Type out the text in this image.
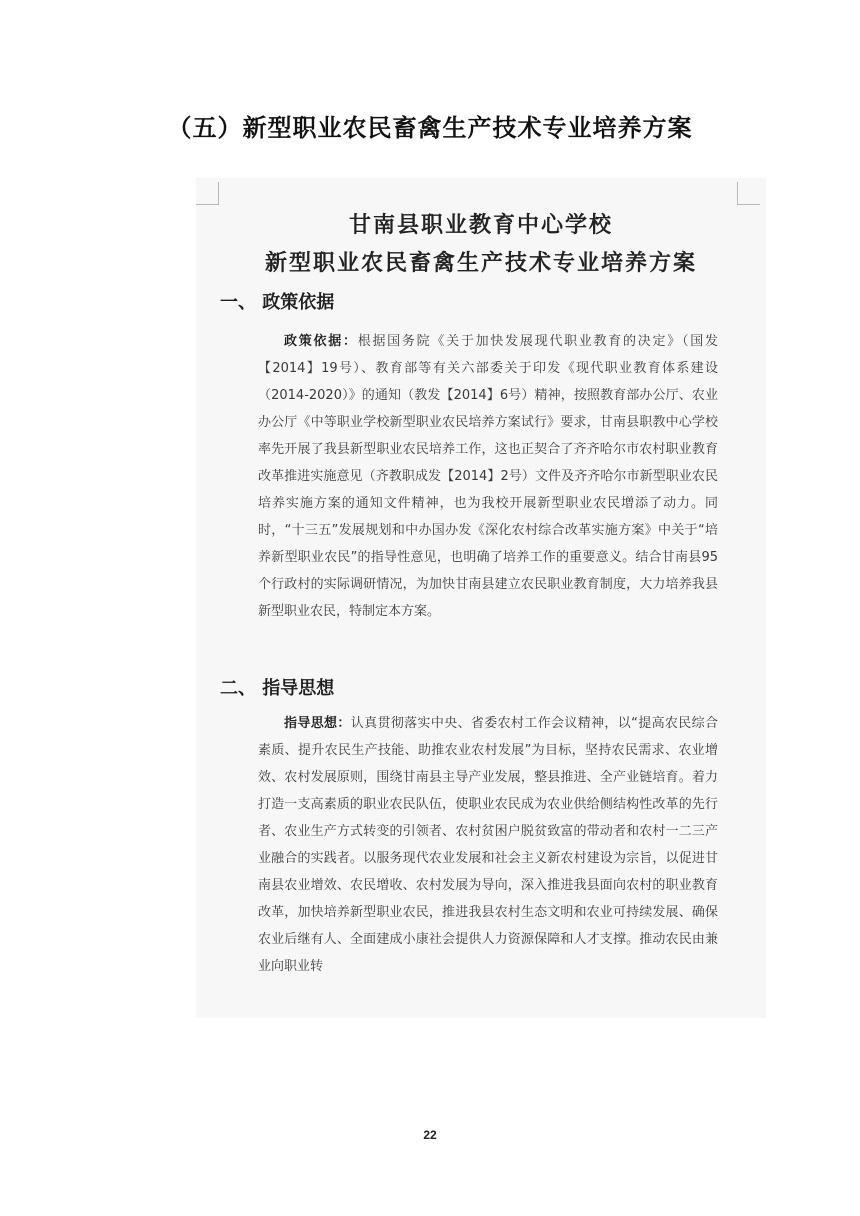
（五）新型职业农民畜禽生产技术专业培养方案
甘南县职业教育中心学校
新型职业农民畜禽生产技术专业培养方案
一、 政策依据
政策依据：根据国务院《关于加快发展现代职业教育的决定》（国发【2014】19号）、教育部等有关六部委关于印发《现代职业教育体系建设（2014-2020）》的通知（教发【2014】6号）精神，按照教育部办公厅、农业办公厅《中等职业学校新型职业农民培养方案试行》要求，甘南县职教中心学校率先开展了我县新型职业农民培养工作，这也正契合了齐齐哈尔市农村职业教育改革推进实施意见（齐教职成发【2014】2号）文件及齐齐哈尔市新型职业农民培养实施方案的通知文件精神，也为我校开展新型职业农民增添了动力。同时，“十三五”发展规划和中办国办发《深化农村综合改革实施方案》中关于“培养新型职业农民”的指导性意见，也明确了培养工作的重要意义。结合甘南县95个行政村的实际调研情况，为加快甘南县建立农民职业教育制度，大力培养我县新型职业农民，特制定本方案。
二、 指导思想
指导思想：认真贯彻落实中央、省委农村工作会议精神，以“提高农民综合素质、提升农民生产技能、助推农业农村发展”为目标，坚持农民需求、农业增效、农村发展原则，围绕甘南县主导产业发展，整县推进、全产业链培育。着力打造一支高素质的职业农民队伍，使职业农民成为农业供给侧结构性改革的先行者、农业生产方式转变的引领者、农村贫困户脱贫致富的带动者和农村一二三产业融合的实践者。以服务现代农业发展和社会主义新农村建设为宗旨，以促进甘南县农业增效、农民增收、农村发展为导向，深入推进我县面向农村的职业教育改革，加快培养新型职业农民，推进我县农村生态文明和农业可持续发展、确保农业后继有人、全面建成小康社会提供人力资源保障和人才支撑。推动农民由兼业向职业转
22
